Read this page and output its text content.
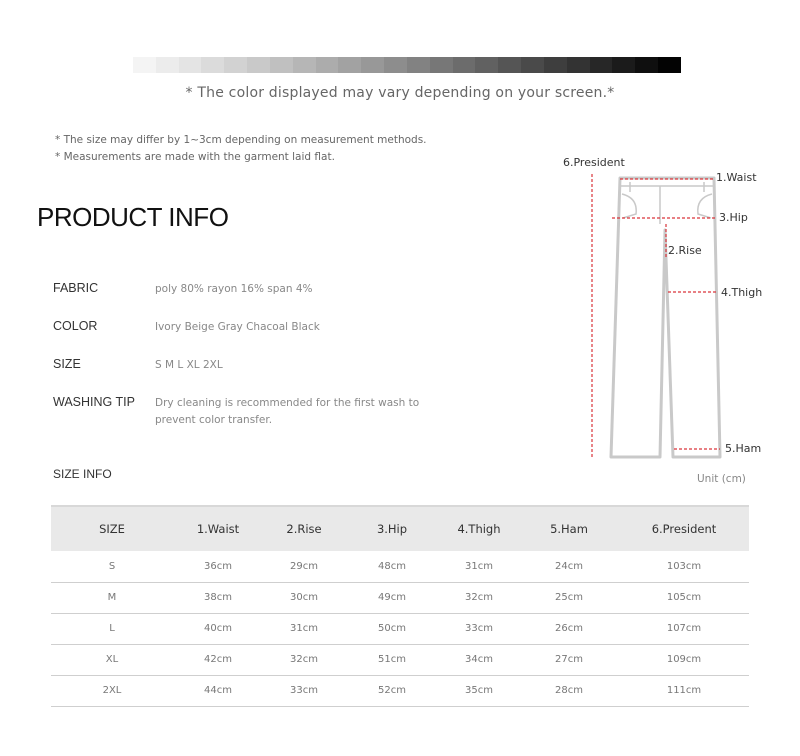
* The color displayed may vary depending on your screen.*
* The size may differ by 1~3cm depending on measurement methods.
* Measurements are made with the garment laid flat.
PRODUCT INFO
FABRIC	poly 80% rayon 16% span 4%
COLOR	Ivory Beige Gray Chacoal Black
SIZE	S M L XL 2XL
WASHING TIP	Dry cleaning is recommended for the first wash to prevent color transfer.
SIZE INFO	Unit (cm)
6.President
1.Waist
3.Hip
2.Rise
4.Thigh
5.Ham
SIZE	1.Waist	2.Rise	3.Hip	4.Thigh	5.Ham	6.President
S	36cm	29cm	48cm	31cm	24cm	103cm
M	38cm	30cm	49cm	32cm	25cm	105cm
L	40cm	31cm	50cm	33cm	26cm	107cm
XL	42cm	32cm	51cm	34cm	27cm	109cm
2XL	44cm	33cm	52cm	35cm	28cm	111cm
